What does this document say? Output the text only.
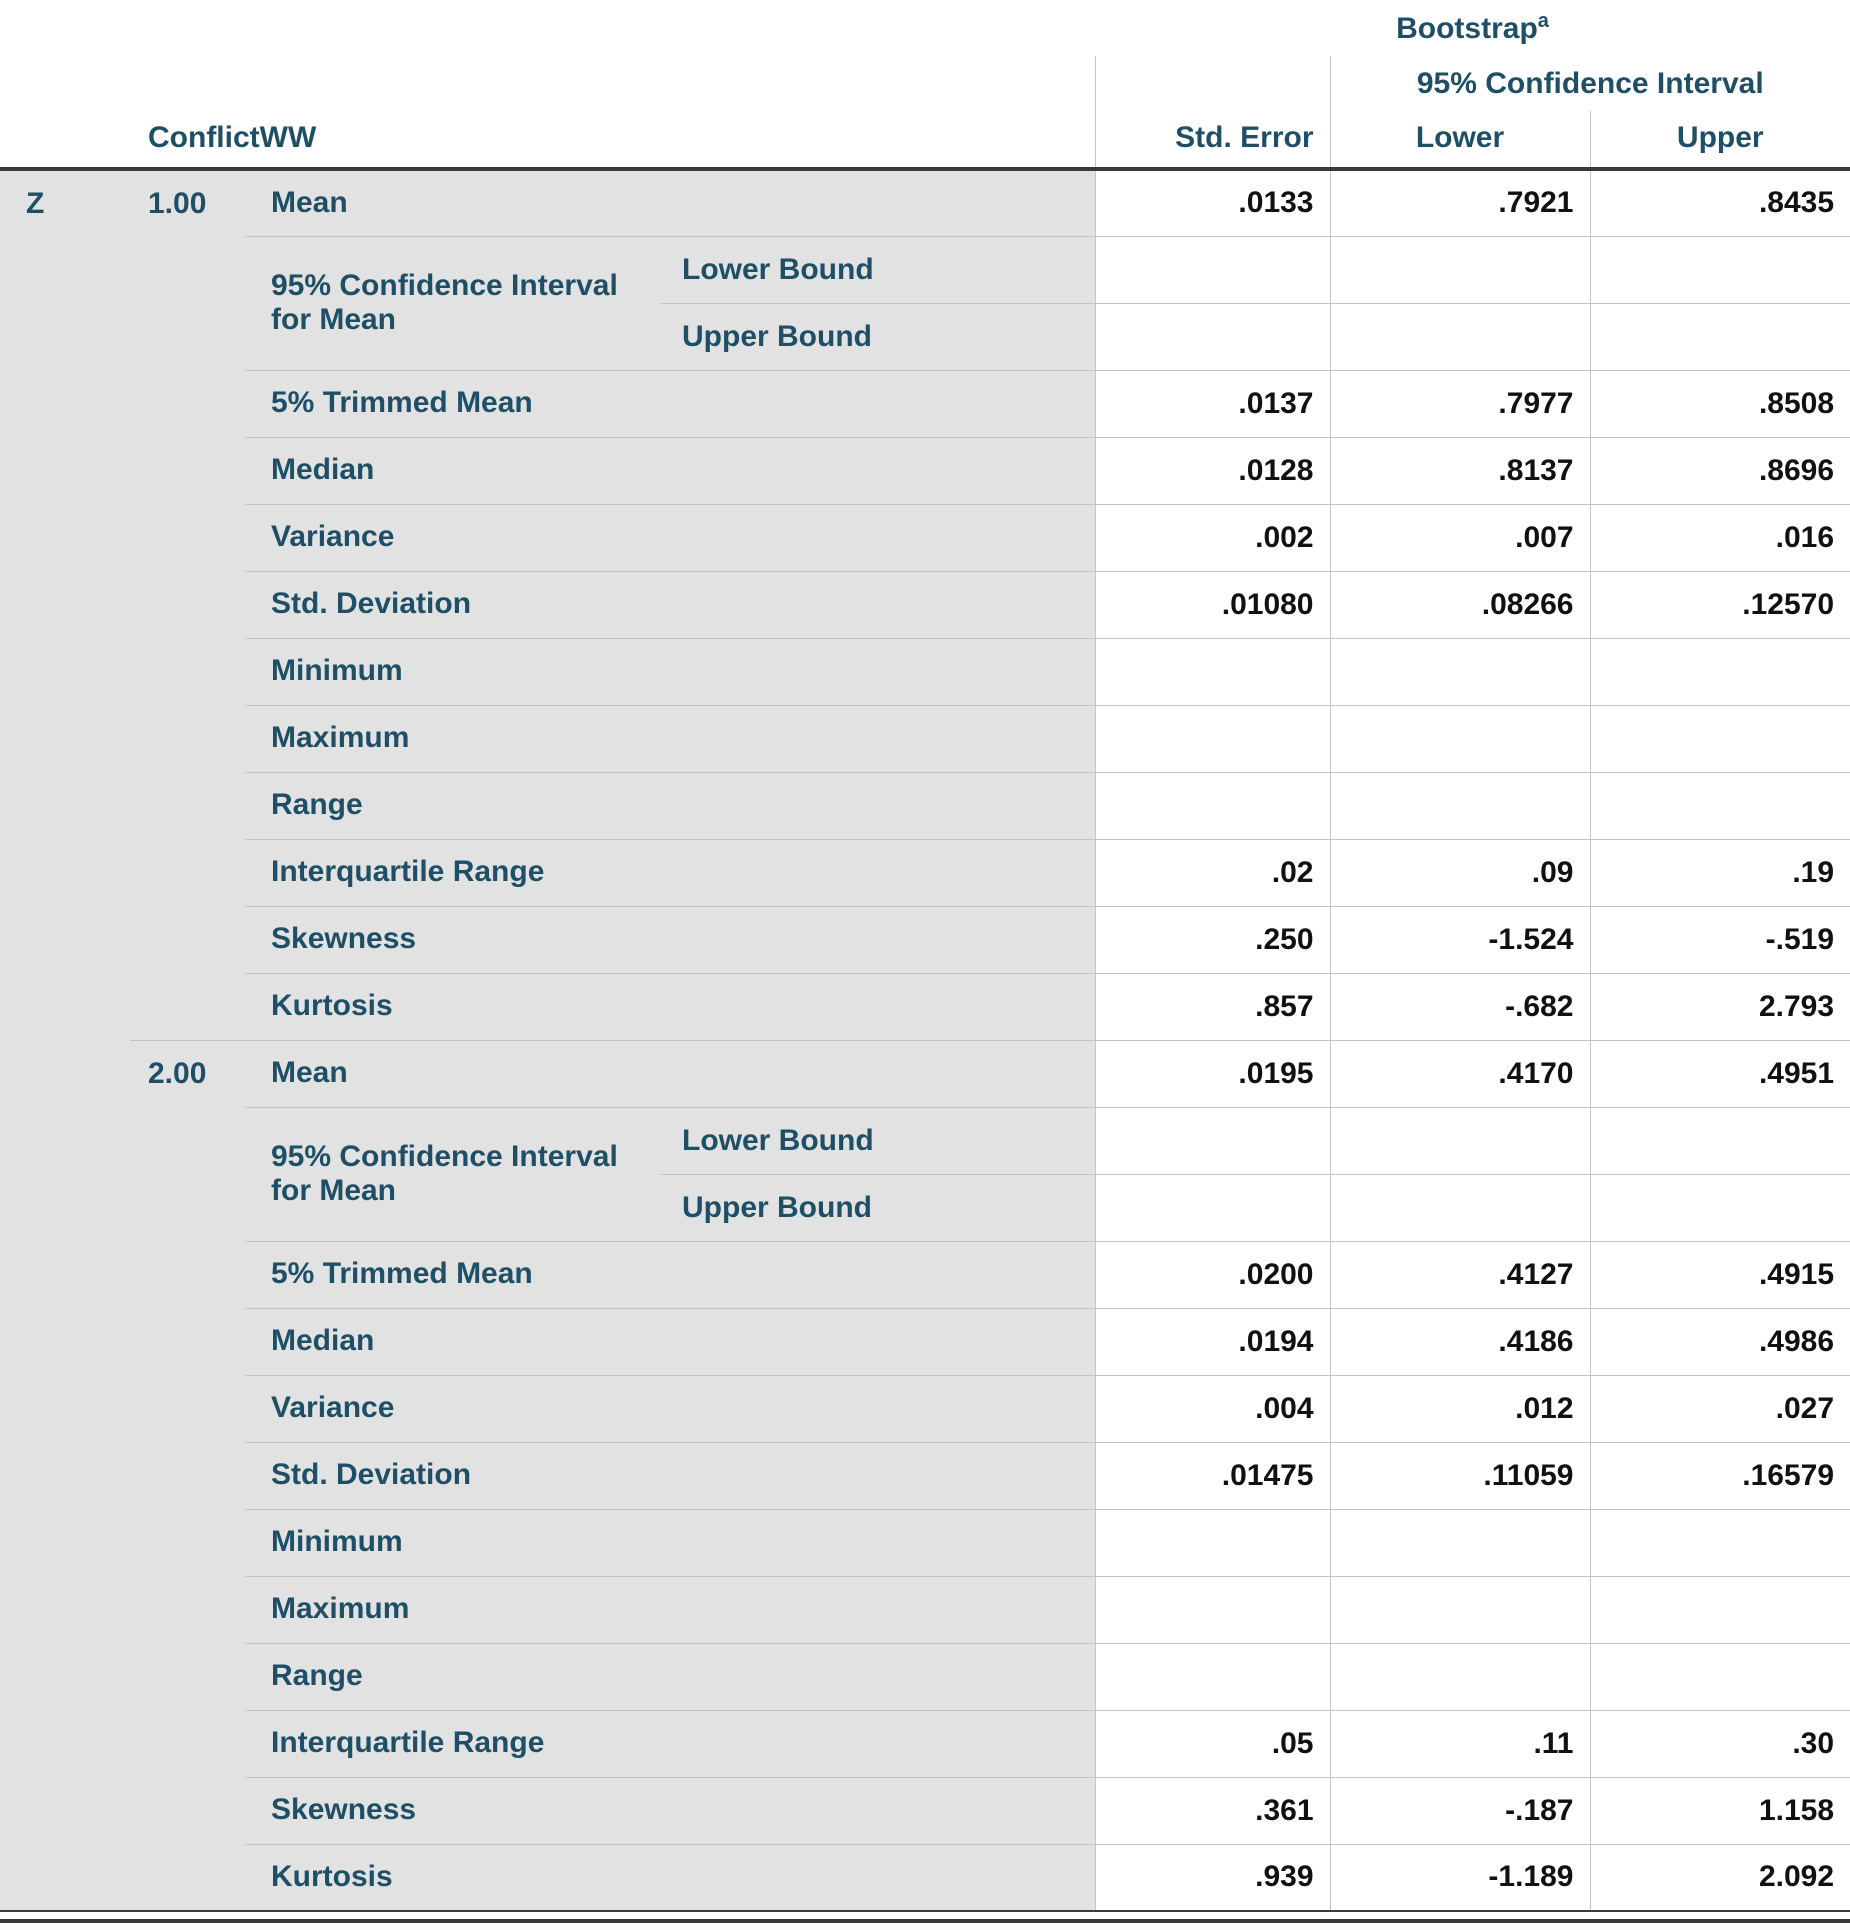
				Bootstrap$^a$
					95% Confidence Interval	
ConflictWW				Std. Error	Lower	Upper
Z	1.00	Mean		.0133	.7921	.8435
		95% Confidence Interval for Mean	Lower Bound			
			Upper Bound			
		5% Trimmed Mean		.0137	.7977	.8508
		Median		.0128	.8137	.8696
		Variance		.002	.007	.016
		Std. Deviation		.01080	.08266	.12570
		Minimum				
		Maximum				
		Range				
		Interquartile Range		.02	.09	.19
		Skewness		.250	-1.524	-.519
		Kurtosis		.857	-.682	2.793
	2.00	Mean		.0195	.4170	.4951
		95% Confidence Interval for Mean	Lower Bound			
			Upper Bound			
		5% Trimmed Mean		.0200	.4127	.4915
		Median		.0194	.4186	.4986
		Variance		.004	.012	.027
		Std. Deviation		.01475	.11059	.16579
		Minimum				
		Maximum				
		Range				
		Interquartile Range		.05	.11	.30
		Skewness		.361	-.187	1.158
		Kurtosis		.939	-1.189	2.092
